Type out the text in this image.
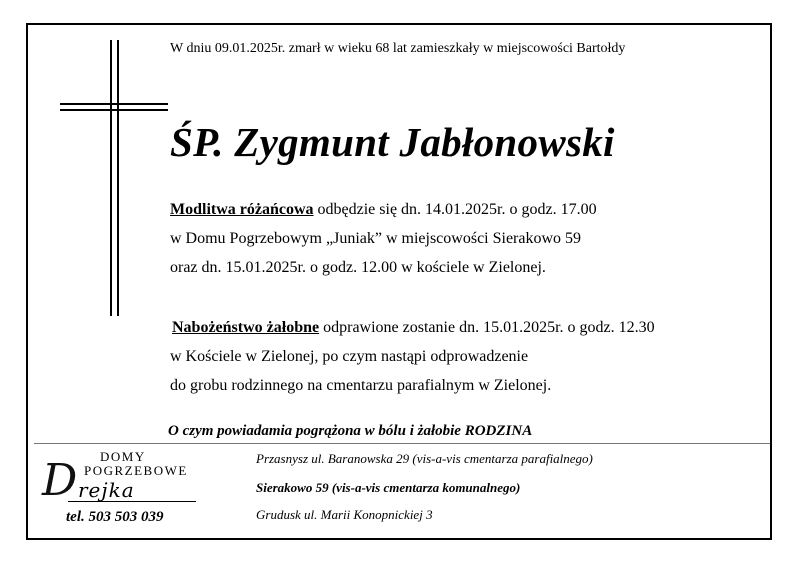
W dniu 09.01.2025r. zmarł w wieku 68 lat zamieszkały w miejscowości Bartołdy
ŚP. Zygmunt Jabłonowski
Modlitwa różańcowa odbędzie się dn. 14.01.2025r. o godz. 17.00
w Domu Pogrzebowym „Juniak” w miejscowości Sierakowo 59
oraz dn. 15.01.2025r. o godz. 12.00 w kościele w Zielonej.
Nabożeństwo żałobne odprawione zostanie dn. 15.01.2025r. o godz. 12.30
w Kościele w Zielonej, po czym nastąpi odprowadzenie
do grobu rodzinnego na cmentarzu parafialnym w Zielonej.
O czym powiadamia pogrążona w bólu i żałobie RODZINA
DOMY
POGRZEBOWE
D rejka
tel. 503 503 039
Przasnysz ul. Baranowska 29 (vis-a-vis cmentarza parafialnego)
Sierakowo 59 (vis-a-vis cmentarza komunalnego)
Grudusk ul. Marii Konopnickiej 3
